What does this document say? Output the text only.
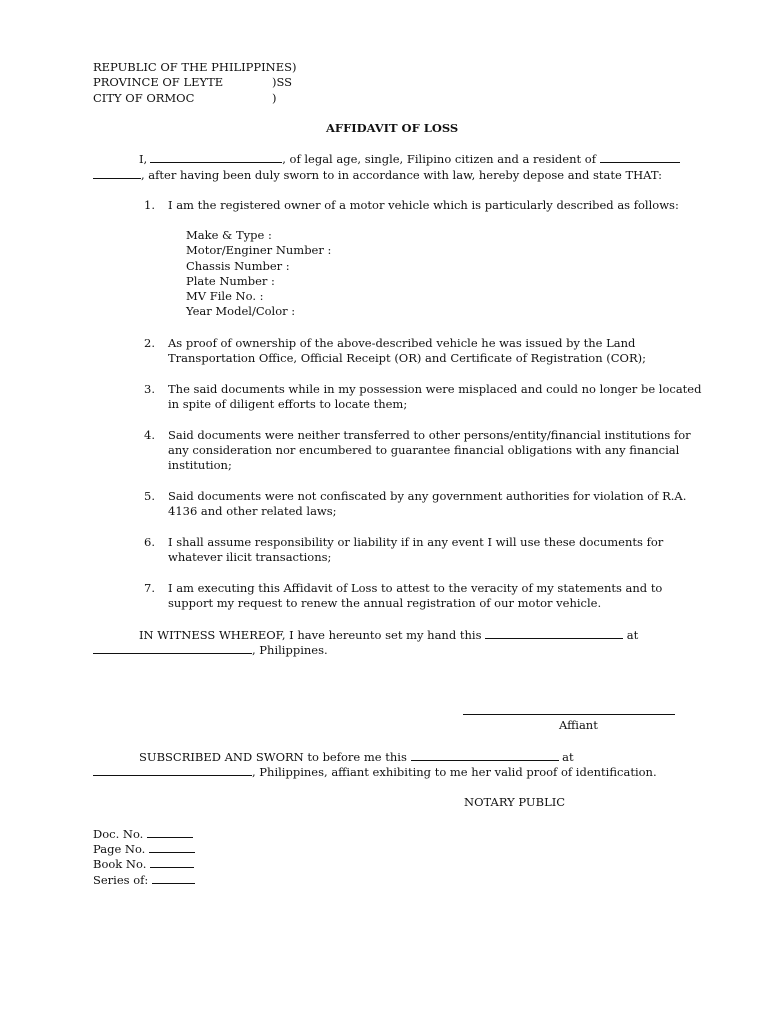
REPUBLIC OF THE PHILIPPINES)
PROVINCE OF LEYTE	)SS
CITY OF ORMOC	)
AFFIDAVIT OF LOSS
I,	, of legal age, single, Filipino citizen and a resident of
, after having been duly sworn to in accordance with law, hereby depose and state THAT:
1. I am the registered owner of a motor vehicle which is particularly described as follows:
Make & Type :
Motor/Enginer Number :
Chassis Number :
Plate Number :
MV File No. :
Year Model/Color :
2. As proof of ownership of the above-described vehicle he was issued by the Land
Transportation Office, Official Receipt (OR) and Certificate of Registration (COR);
3. The said documents while in my possession were misplaced and could no longer be located
in spite of diligent efforts to locate them;
4. Said documents were neither transferred to other persons/entity/financial institutions for
any consideration nor encumbered to guarantee financial obligations with any financial
institution;
5. Said documents were not confiscated by any government authorities for violation of R.A.
4136 and other related laws;
6. I shall assume responsibility or liability if in any event I will use these documents for
whatever ilicit transactions;
7. I am executing this Affidavit of Loss to attest to the veracity of my statements and to
support my request to renew the annual registration of our motor vehicle.
IN WITNESS WHEREOF, I have hereunto set my hand this	at
, Philippines.
Affiant
SUBSCRIBED AND SWORN to before me this	at
, Philippines, affiant exhibiting to me her valid proof of identification.
NOTARY PUBLIC
Doc. No.
Page No.
Book No.
Series of:
